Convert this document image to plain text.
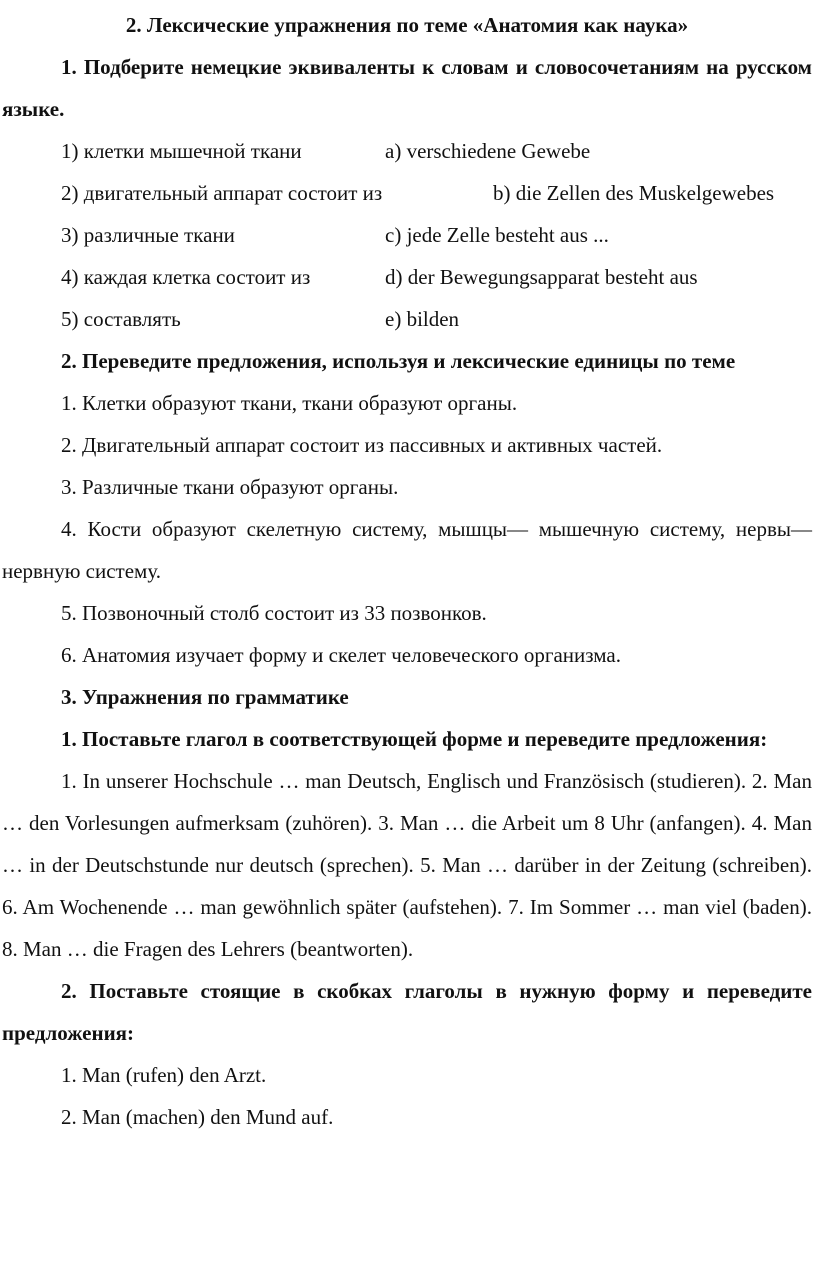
2. Лексические упражнения по теме «Анатомия как наука»

1. Подберите немецкие эквиваленты к словам и словосочетаниям на русском языке.

1) клетки мышечной ткани	a) verschiedene Gewebe
2) двигательный аппарат состоит из	b) die Zellen des Muskelgewebes
3) различные ткани	c) jede Zelle besteht aus ...
4) каждая клетка состоит из	d) der Bewegungsapparat besteht aus
5) составлять	e) bilden

2. Переведите предложения, используя и лексические единицы по теме

1. Клетки образуют ткани, ткани образуют органы.

2. Двигательный аппарат состоит из пассивных и активных частей.

3. Различные ткани образуют органы.

4. Кости образуют скелетную систему, мышцы— мышечную систему, нервы— нервную систему.

5. Позвоночный столб состоит из 33 позвонков.

6. Анатомия изучает форму и скелет человеческого организма.

3. Упражнения по грамматике

1. Поставьте глагол в соответствующей форме и переведите предложения:

1. In unserer Hochschule … man Deutsch, Englisch und Französisch (studieren). 2. Man … den Vorlesungen aufmerksam (zuhören). 3. Man … die Arbeit um 8 Uhr (anfangen). 4. Man … in der Deutschstunde nur deutsch (sprechen). 5. Man … darüber in der Zeitung (schreiben). 6. Am Wochenende … man gewöhnlich später (aufstehen). 7. Im Sommer … man viel (baden). 8. Man … die Fragen des Lehrers (beantworten).

2. Поставьте стоящие в скобках глаголы в нужную форму и переведите предложения:

1. Man (rufen) den Arzt.

2. Man (machen) den Mund auf.
